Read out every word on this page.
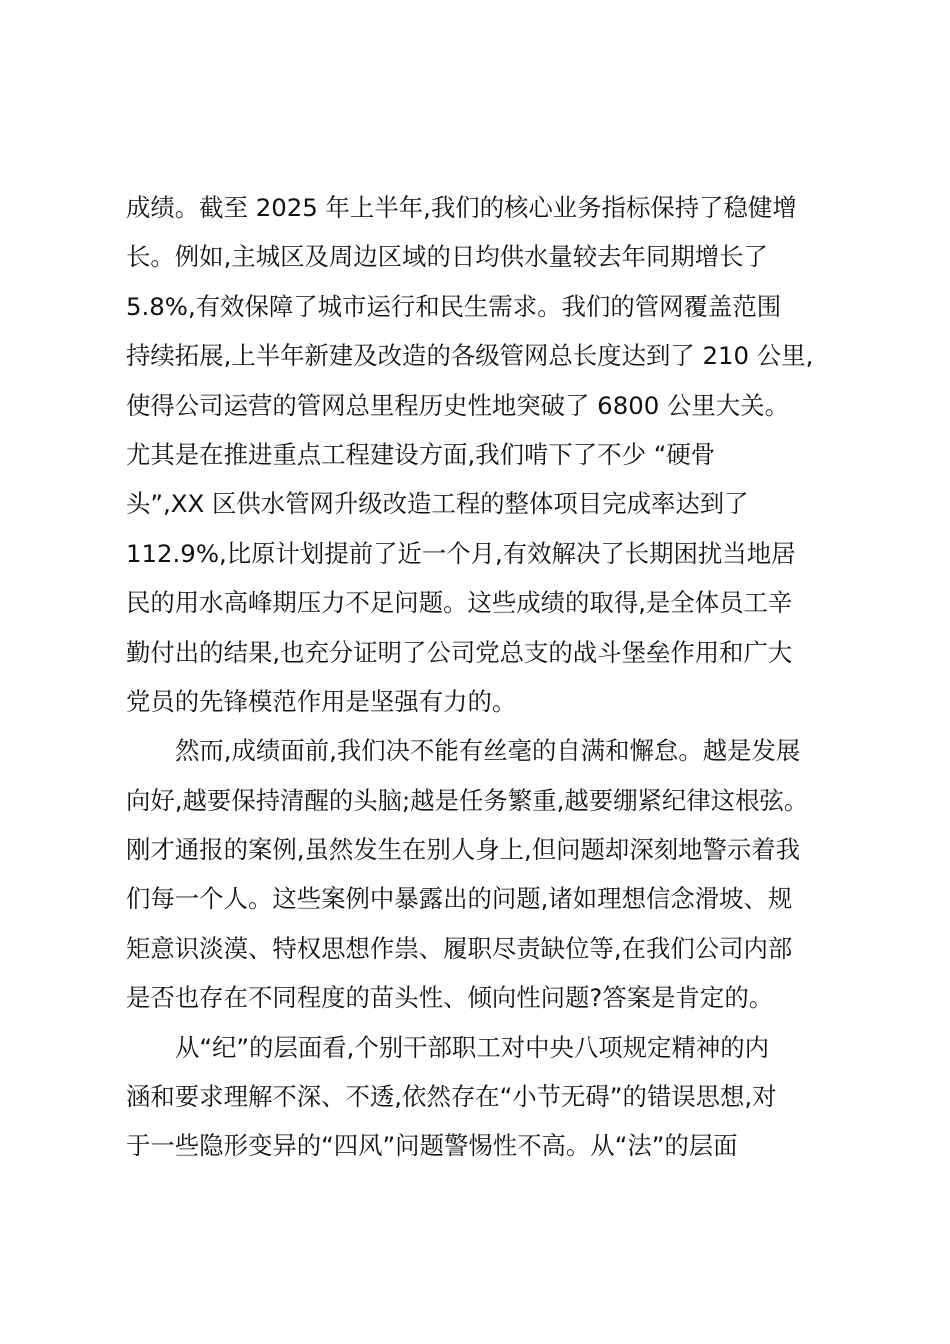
成绩。截至 2025 年上半年,我们的核心业务指标保持了稳健增
长。例如,主城区及周边区域的日均供水量较去年同期增长了
5.8%,有效保障了城市运行和民生需求。我们的管网覆盖范围
持续拓展,上半年新建及改造的各级管网总长度达到了 210 公里,
使得公司运营的管网总里程历史性地突破了 6800 公里大关。
尤其是在推进重点工程建设方面,我们啃下了不少 “硬骨
头”,XX 区供水管网升级改造工程的整体项目完成率达到了
112.9%,比原计划提前了近一个月,有效解决了长期困扰当地居
民的用水高峰期压力不足问题。这些成绩的取得,是全体员工辛
勤付出的结果,也充分证明了公司党总支的战斗堡垒作用和广大
党员的先锋模范作用是坚强有力的。
然而,成绩面前,我们决不能有丝毫的自满和懈怠。越是发展
向好,越要保持清醒的头脑;越是任务繁重,越要绷紧纪律这根弦。
刚才通报的案例,虽然发生在别人身上,但问题却深刻地警示着我
们每一个人。这些案例中暴露出的问题,诸如理想信念滑坡、规
矩意识淡漠、特权思想作祟、履职尽责缺位等,在我们公司内部
是否也存在不同程度的苗头性、倾向性问题?答案是肯定的。
从“纪”的层面看,个别干部职工对中央八项规定精神的内
涵和要求理解不深、不透,依然存在“小节无碍”的错误思想,对
于一些隐形变异的“四风”问题警惕性不高。从“法”的层面
